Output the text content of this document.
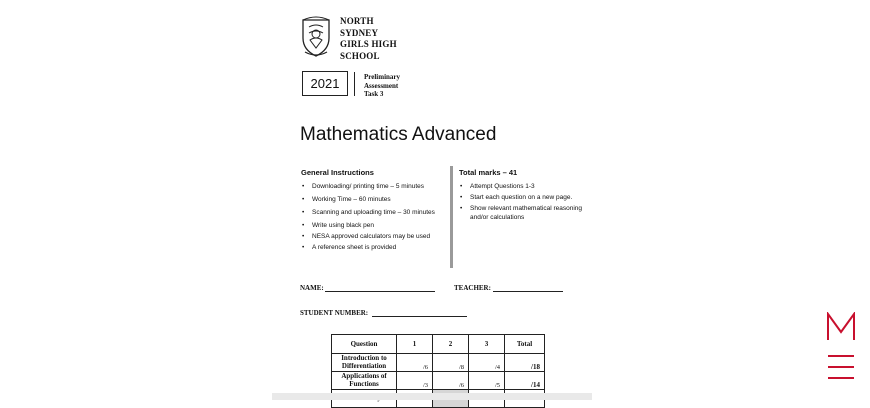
NORTH
SYDNEY
GIRLS HIGH
SCHOOL
2021	Preliminary
Assessment
Task 3
Mathematics Advanced
General Instructions
• Downloading/ printing time – 5 minutes
• Working Time – 60 minutes
• Scanning and uploading time – 30 minutes
• Write using black pen
• NESA approved calculators may be used
• A reference sheet is provided
Total marks – 41
• Attempt Questions 1-3
• Start each question on a new page.
• Show relevant mathematical reasoning and/or calculations
NAME:	TEACHER:
STUDENT NUMBER:
Question	1	2	3	Total

Introduction to
Differentiation	/6	/8	/4	/18

Applications of
Functions	/3	/6	/5	/14
